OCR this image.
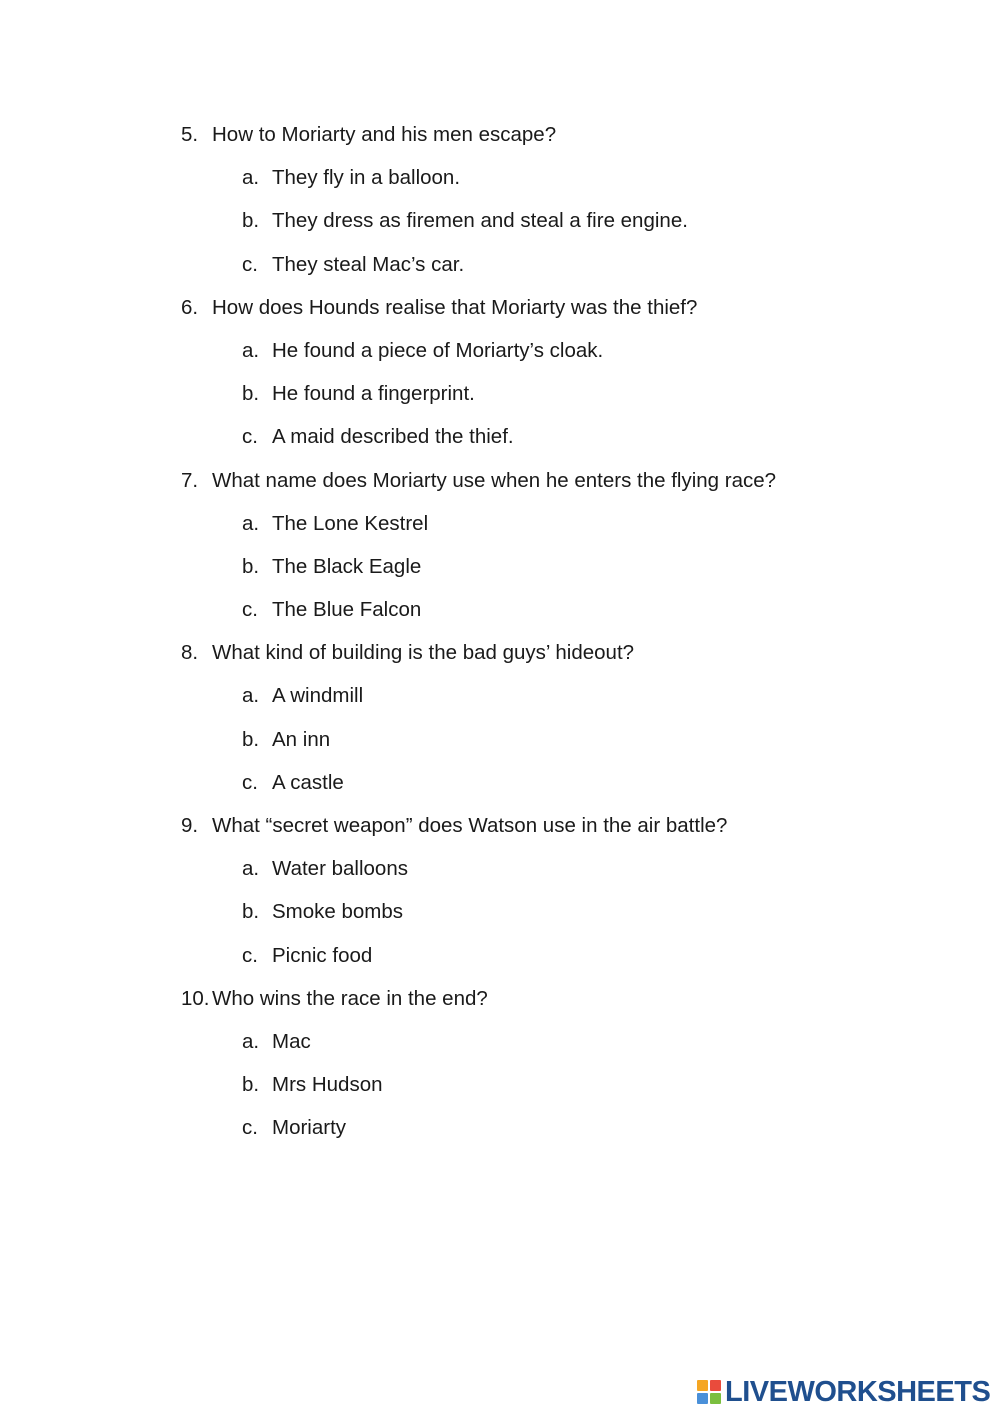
5. How to Moriarty and his men escape?
a. They fly in a balloon.
b. They dress as firemen and steal a fire engine.
c. They steal Mac’s car.
6. How does Hounds realise that Moriarty was the thief?
a. He found a piece of Moriarty’s cloak.
b. He found a fingerprint.
c. A maid described the thief.
7. What name does Moriarty use when he enters the flying race?
a. The Lone Kestrel
b. The Black Eagle
c. The Blue Falcon
8. What kind of building is the bad guys’ hideout?
a. A windmill
b. An inn
c. A castle
9. What “secret weapon” does Watson use in the air battle?
a. Water balloons
b. Smoke bombs
c. Picnic food
10. Who wins the race in the end?
a. Mac
b. Mrs Hudson
c. Moriarty
LIVEWORKSHEETS
